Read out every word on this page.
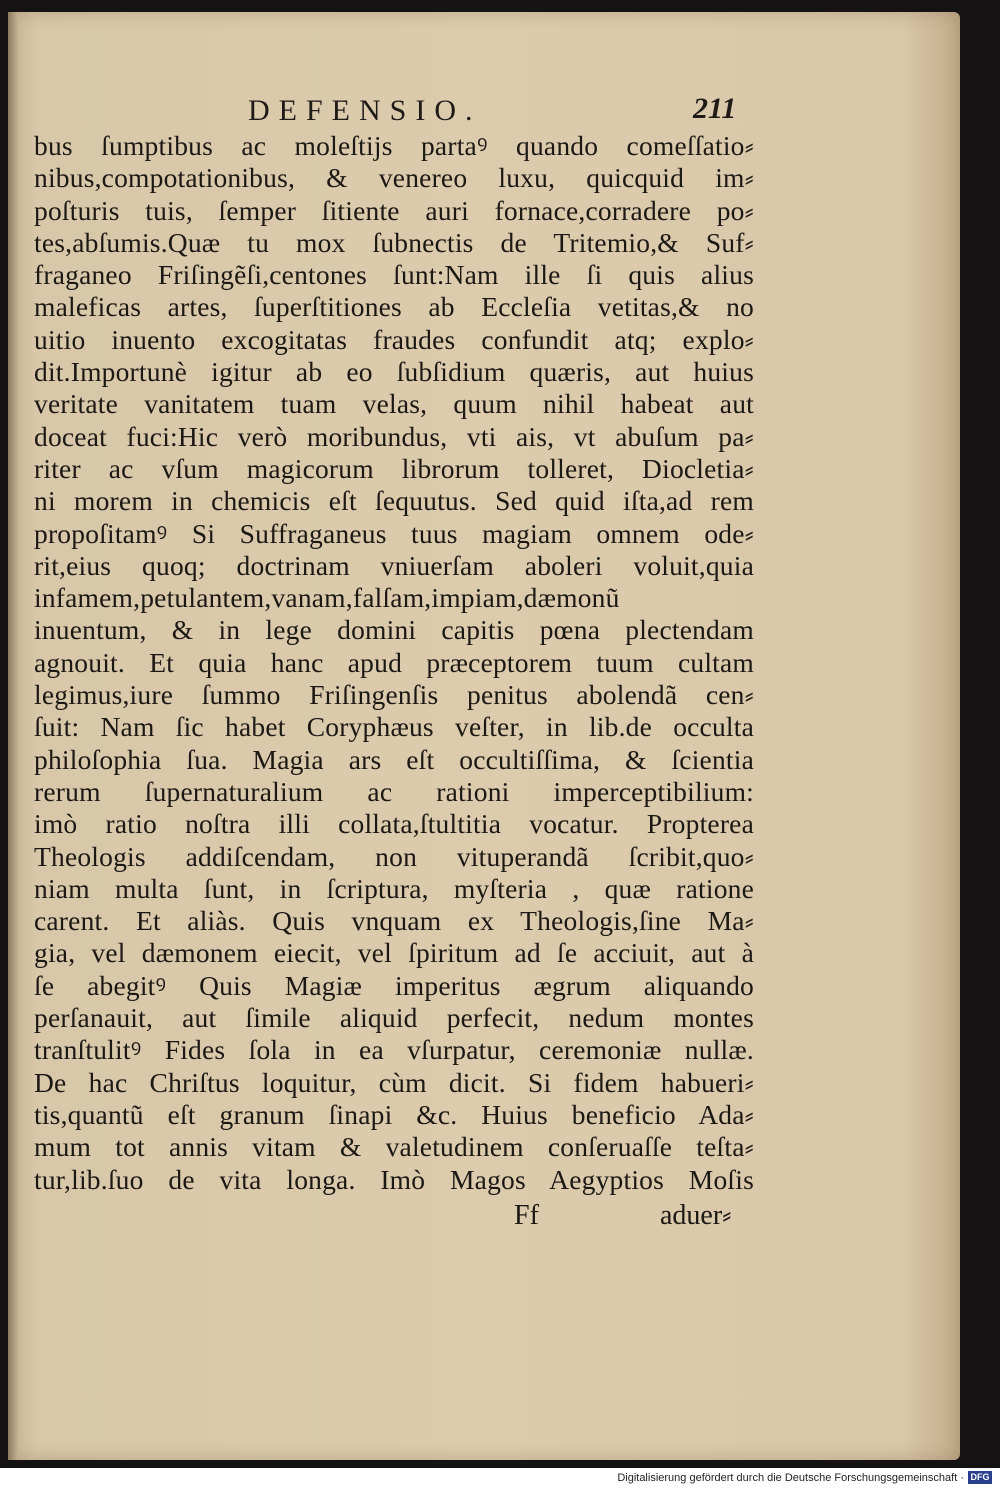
DEFENSIO.	211
bus ſumptibus ac moleſtijs partaꝰ quando comeſſatio⸗
nibus,compotationibus, & venereo luxu, quicquid im⸗
poſturis tuis, ſemper ſitiente auri fornace,corradere po⸗
tes,abſumis.Quæ tu mox ſubnectis de Tritemio,& Suf⸗
fraganeo Friſingẽſi,centones ſunt:Nam ille ſi quis alius
maleficas artes, ſuperſtitiones ab Eccleſia vetitas,& no
uitio inuento excogitatas fraudes confundit atq; explo⸗
dit.Importunè igitur ab eo ſubſidium quæris, aut huius
veritate vanitatem tuam velas, quum nihil habeat aut
doceat fuci:Hic verò moribundus, vti ais, vt abuſum pa⸗
riter ac vſum magicorum librorum tolleret, Diocletia⸗
ni morem in chemicis eſt ſequutus. Sed quid iſta,ad rem
propoſitamꝰ Si Suffraganeus tuus magiam omnem ode⸗
rit,eius quoq; doctrinam vniuerſam aboleri voluit,quia
infamem,petulantem,vanam,falſam,impiam,dæmonũ
inuentum, & in lege domini capitis pœna plectendam
agnouit. Et quia hanc apud præceptorem tuum cultam
legimus,iure ſummo Friſingenſis penitus abolendã cen⸗
ſuit: Nam ſic habet Coryphæus veſter, in lib.de occulta
philoſophia ſua. Magia ars eſt occultiſſima, & ſcientia
rerum ſupernaturalium ac rationi imperceptibilium:
imò ratio noſtra illi collata,ſtultitia vocatur. Propterea
Theologis addiſcendam, non vituperandã ſcribit,quo⸗
niam multa ſunt, in ſcriptura, myſteria , quæ ratione
carent. Et aliàs. Quis vnquam ex Theologis,ſine Ma⸗
gia, vel dæmonem eiecit, vel ſpiritum ad ſe acciuit, aut à
ſe abegitꝰ Quis Magiæ imperitus ægrum aliquando
perſanauit, aut ſimile aliquid perfecit, nedum montes
tranſtulitꝰ Fides ſola in ea vſurpatur, ceremoniæ nullæ.
De hac Chriſtus loquitur, cùm dicit. Si fidem habueri⸗
tis,quantũ eſt granum ſinapi &c. Huius beneficio Ada⸗
mum tot annis vitam & valetudinem conſeruaſſe teſta⸗
tur,lib.ſuo de vita longa. Imò Magos Aegyptios Moſis
Ff	aduer⸗
Digitalisierung gefördert durch die Deutsche Forschungsgemeinschaft · DFG
